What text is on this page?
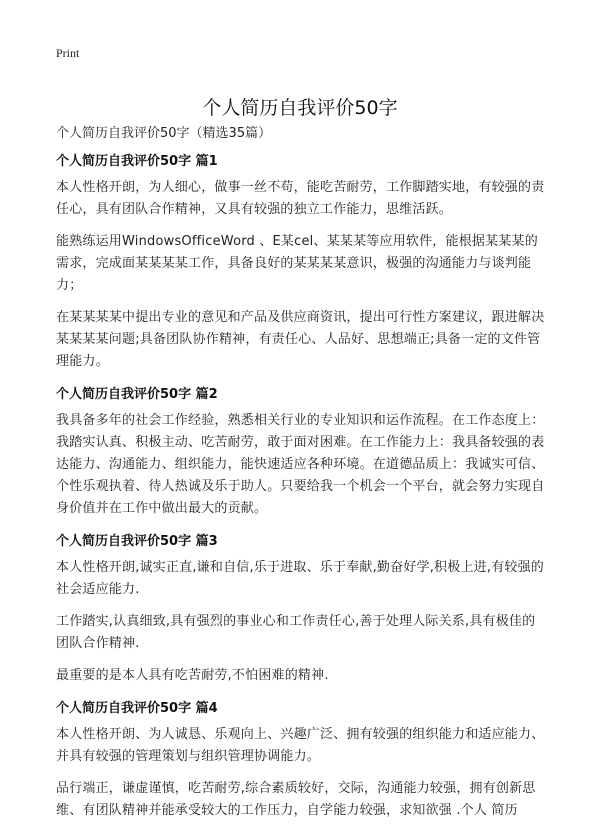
Print
个人简历自我评价50字
个人简历自我评价50字（精选35篇）
个人简历自我评价50字 篇1

本人性格开朗，为人细心，做事一丝不苟，能吃苦耐劳，工作脚踏实地，有较强的责任心，具有团队合作精神，又具有较强的独立工作能力，思维活跃。

能熟练运用WindowsOfficeWord 、E某cel、某某某等应用软件，能根据某某某的需求，完成面某某某某工作，具备良好的某某某某意识，极强的沟通能力与谈判能力；

在某某某某中提出专业的意见和产品及供应商资讯，提出可行性方案建议，跟进解决某某某某问题;具备团队协作精神，有责任心、人品好、思想端正;具备一定的文件管理能力。

个人简历自我评价50字 篇2

我具备多年的社会工作经验，熟悉相关行业的专业知识和运作流程。在工作态度上：我踏实认真、积极主动、吃苦耐劳，敢于面对困难。在工作能力上：我具备较强的表达能力、沟通能力、组织能力，能快速适应各种环境。在道德品质上：我诚实可信、个性乐观执着、待人热诚及乐于助人。只要给我一个机会一个平台，就会努力实现自身价值并在工作中做出最大的贡献。

个人简历自我评价50字 篇3

本人性格开朗,诚实正直,谦和自信,乐于进取、乐于奉献,勤奋好学,积极上进,有较强的社会适应能力.

工作踏实,认真细致,具有强烈的事业心和工作责任心,善于处理人际关系,具有极佳的团队合作精神.

最重要的是本人具有吃苦耐劳,不怕困难的精神.

个人简历自我评价50字 篇4

本人性格开朗、为人诚恳、乐观向上、兴趣广泛、拥有较强的组织能力和适应能力、并具有较强的管理策划与组织管理协调能力。

品行端正，谦虚谨慎，吃苦耐劳,综合素质较好，交际，沟通能力较强，拥有创新思维、有团队精神并能承受较大的工作压力，自学能力较强，求知欲强 .个人 简历
